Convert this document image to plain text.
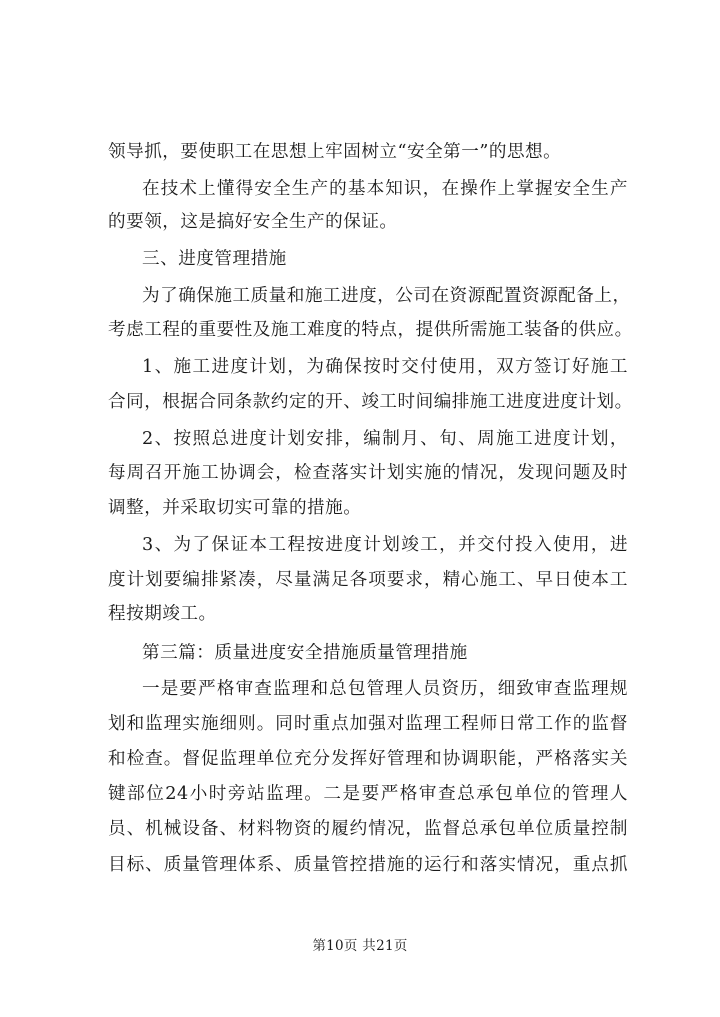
领导抓，要使职工在思想上牢固树立“安全第一”的思想。
在技术上懂得安全生产的基本知识，在操作上掌握安全生产
的要领，这是搞好安全生产的保证。
三、进度管理措施
为了确保施工质量和施工进度，公司在资源配置资源配备上，
考虑工程的重要性及施工难度的特点，提供所需施工装备的供应。
1、施工进度计划，为确保按时交付使用，双方签订好施工
合同，根据合同条款约定的开、竣工时间编排施工进度进度计划。
2、按照总进度计划安排，编制月、旬、周施工进度计划，
每周召开施工协调会，检查落实计划实施的情况，发现问题及时
调整，并采取切实可靠的措施。
3、为了保证本工程按进度计划竣工，并交付投入使用，进
度计划要编排紧凑，尽量满足各项要求，精心施工、早日使本工
程按期竣工。
第三篇：质量进度安全措施质量管理措施
一是要严格审查监理和总包管理人员资历，细致审查监理规
划和监理实施细则。同时重点加强对监理工程师日常工作的监督
和检查。督促监理单位充分发挥好管理和协调职能，严格落实关
键部位24小时旁站监理。二是要严格审查总承包单位的管理人
员、机械设备、材料物资的履约情况，监督总承包单位质量控制
目标、质量管理体系、质量管控措施的运行和落实情况，重点抓
第10页 共21页
